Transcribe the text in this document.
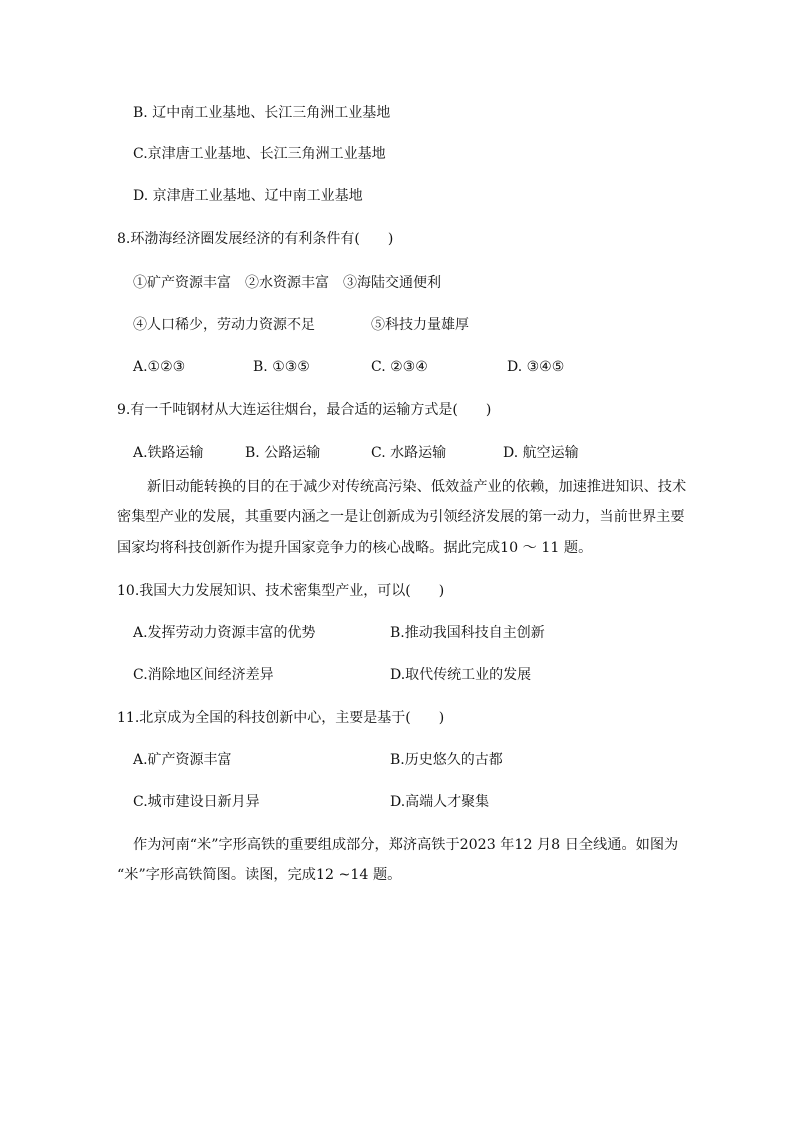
B. 辽中南工业基地、长江三角洲工业基地
C.京津唐工业基地、长江三角洲工业基地
D. 京津唐工业基地、辽中南工业基地
8.环渤海经济圈发展经济的有利条件有(　　)
①矿产资源丰富　②水资源丰富　③海陆交通便利
④人口稀少，劳动力资源不足　　　　⑤科技力量雄厚
A.①②③	B. ①③⑤	C. ②③④	D. ③④⑤
9.有一千吨钢材从大连运往烟台，最合适的运输方式是(　　)
A.铁路运输	B. 公路运输	C. 水路运输	D. 航空运输
新旧动能转换的目的在于减少对传统高污染、低效益产业的依赖，加速推进知识、技术
密集型产业的发展，其重要内涵之一是让创新成为引领经济发展的第一动力，当前世界主要
国家均将科技创新作为提升国家竞争力的核心战略。据此完成10 ～ 11 题。
10.我国大力发展知识、技术密集型产业，可以(　　)
A.发挥劳动力资源丰富的优势	B.推动我国科技自主创新
C.消除地区间经济差异	D.取代传统工业的发展
11.北京成为全国的科技创新中心，主要是基于(　　)
A.矿产资源丰富	B.历史悠久的古都
C.城市建设日新月异	D.高端人才聚集
作为河南“米”字形高铁的重要组成部分，郑济高铁于2023 年12 月8 日全线通。如图为
“米”字形高铁简图。读图，完成12 ~14 题。
